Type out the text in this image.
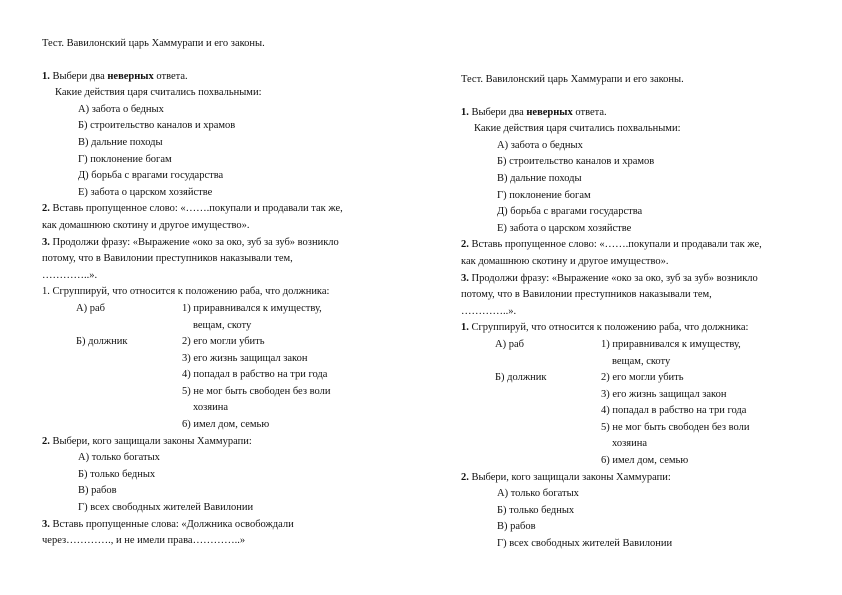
Тест. Вавилонский царь Хаммурапи и его законы.
1. Выбери два неверных ответа.
Какие действия царя считались похвальными:
А) забота о бедных
Б) строительство каналов и храмов
В) дальние походы
Г) поклонение богам
Д) борьба с врагами государства
Е) забота о царском хозяйстве
2. Вставь пропущенное слово: «…….покупали и продавали так же,
как домашнюю скотину и другое имущество».
3. Продолжи фразу: «Выражение «око за око, зуб за зуб» возникло
потому, что в Вавилонии преступников наказывали тем,
…………..».
1. Сгруппируй, что относится к положению раба, что должника:
А) раб	1) приравнивался к имуществу,
вещам, скоту
Б) должник	2) его могли убить
3) его жизнь защищал закон
4) попадал в рабство на три года
5) не мог быть свободен без воли
хозяина
6) имел дом, семью
2. Выбери, кого защищали законы Хаммурапи:
А) только богатых
Б) только бедных
В) рабов
Г) всех свободных жителей Вавилонии
3. Вставь пропущенные слова: «Должника освобождали
через…………., и не имели права…………..»
Тест. Вавилонский царь Хаммурапи и его законы.
1. Выбери два неверных ответа.
Какие действия царя считались похвальными:
А) забота о бедных
Б) строительство каналов и храмов
В) дальние походы
Г) поклонение богам
Д) борьба с врагами государства
Е) забота о царском хозяйстве
2. Вставь пропущенное слово: «…….покупали и продавали так же,
как домашнюю скотину и другое имущество».
3. Продолжи фразу: «Выражение «око за око, зуб за зуб» возникло
потому, что в Вавилонии преступников наказывали тем,
…………..».
1. Сгруппируй, что относится к положению раба, что должника:
А) раб	1) приравнивался к имуществу,
вещам, скоту
Б) должник	2) его могли убить
3) его жизнь защищал закон
4) попадал в рабство на три года
5) не мог быть свободен без воли
хозяина
6) имел дом, семью
2. Выбери, кого защищали законы Хаммурапи:
А) только богатых
Б) только бедных
В) рабов
Г) всех свободных жителей Вавилонии
